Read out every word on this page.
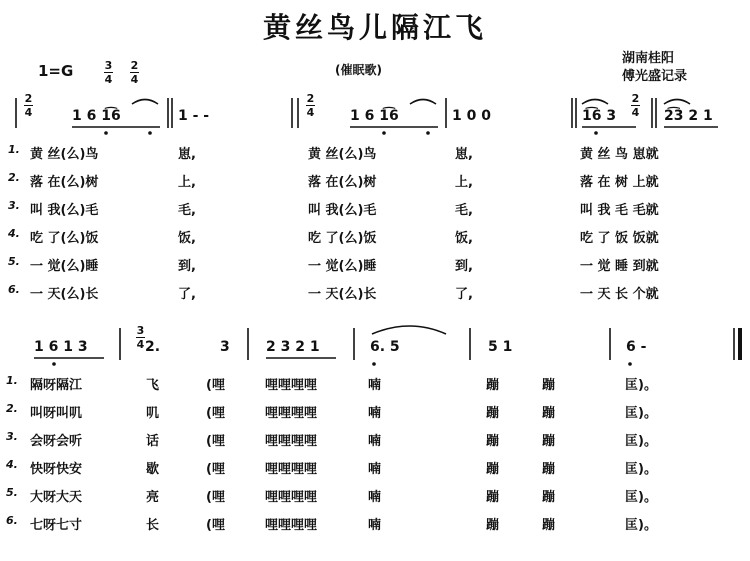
黄丝鸟儿隔江飞
1=G	3
4
2
4
(催眠歌)
湖南桂阳
傅光盛记录
2
4
2
4
2
4
1 6 1͡6	1 - -	1 6 1͡6	1 0 0	1͡6 3	2͡3 2 1
1. 黄 丝(么)鸟	崽,	黄 丝(么)鸟	崽,	黄 丝 鸟 崽就
2. 落 在(么)树	上,	落 在(么)树	上,	落 在 树 上就
3. 叫 我(么)毛	毛,	叫 我(么)毛	毛,	叫 我 毛 毛就
4. 吃 了(么)饭	饭,	吃 了(么)饭	饭,	吃 了 饭 饭就
5. 一 觉(么)睡	到,	一 觉(么)睡	到,	一 觉 睡 到就
6. 一 天(么)长	了,	一 天(么)长	了,	一 天 长 个就
1 6 1 3
3
4 2.	3	2 3 2 1	6. 5	5 1	6 -
1. 隔呀隔江	飞	(哩	哩哩哩哩	喃	蹦	蹦	匡)。
2. 叫呀叫叽	叽	(哩	哩哩哩哩	喃	蹦	蹦	匡)。
3. 会呀会听	话	(哩	哩哩哩哩	喃	蹦	蹦	匡)。
4. 快呀快安	歇	(哩	哩哩哩哩	喃	蹦	蹦	匡)。
5. 大呀大天	亮	(哩	哩哩哩哩	喃	蹦	蹦	匡)。
6. 七呀七寸	长	(哩	哩哩哩哩	喃	蹦	蹦	匡)。
